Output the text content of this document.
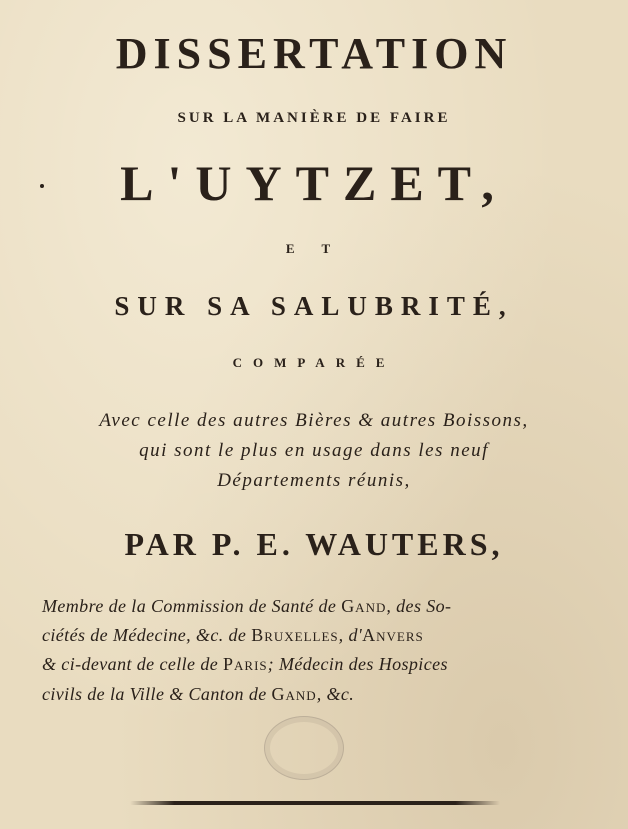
DISSERTATION
SUR LA MANIÈRE DE FAIRE
L'UYTZET,
E T
SUR SA SALUBRITÉ,
COMPARÉE
Avec celle des autres Bières & autres Boissons,
qui sont le plus en usage dans les neuf
Départements réunis,
PAR P. E. WAUTERS,
Membre de la Commission de Santé de Gand, des So-
ciétés de Médecine, &c. de Bruxelles, d'Anvers
& ci-devant de celle de Paris; Médecin des Hospices
civils de la Ville & Canton de Gand, &c.
